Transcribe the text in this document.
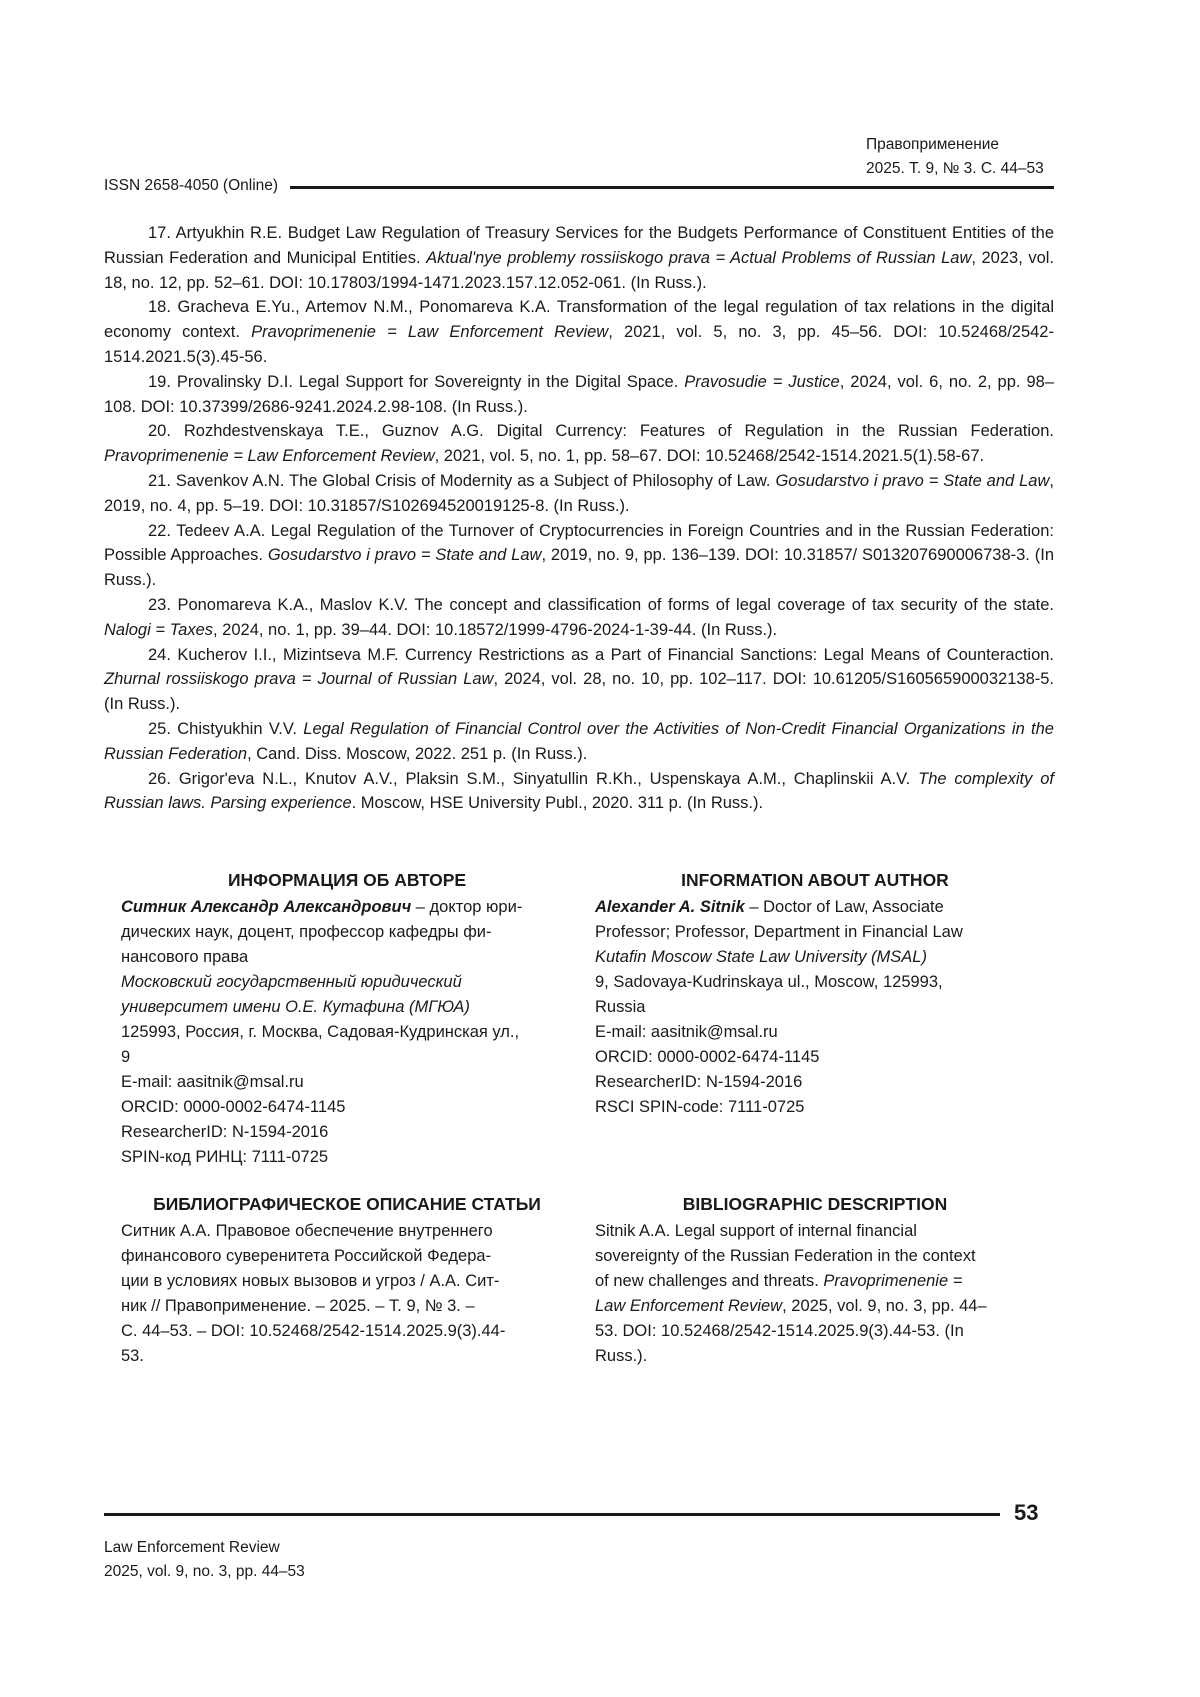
Правоприменение
2025. Т. 9, № 3. С. 44–53
ISSN 2658-4050 (Online)

17. Artyukhin R.E. Budget Law Regulation of Treasury Services for the Budgets Performance of Constituent Entities of the Russian Federation and Municipal Entities. Aktual'nye problemy rossiiskogo prava = Actual Problems of Russian Law, 2023, vol. 18, no. 12, pp. 52–61. DOI: 10.17803/1994-1471.2023.157.12.052-061. (In Russ.).

18. Gracheva E.Yu., Artemov N.M., Ponomareva K.A. Transformation of the legal regulation of tax relations in the digital economy context. Pravoprimenenie = Law Enforcement Review, 2021, vol. 5, no. 3, pp. 45–56. DOI: 10.52468/2542-1514.2021.5(3).45-56.

19. Provalinsky D.I. Legal Support for Sovereignty in the Digital Space. Pravosudie = Justice, 2024, vol. 6, no. 2, pp. 98–108. DOI: 10.37399/2686-9241.2024.2.98-108. (In Russ.).

20. Rozhdestvenskaya T.E., Guznov A.G. Digital Currency: Features of Regulation in the Russian Federation. Pravoprimenenie = Law Enforcement Review, 2021, vol. 5, no. 1, pp. 58–67. DOI: 10.52468/2542-1514.2021.5(1).58-67.

21. Savenkov A.N. The Global Crisis of Modernity as a Subject of Philosophy of Law. Gosudarstvo i pravo = State and Law, 2019, no. 4, pp. 5–19. DOI: 10.31857/S102694520019125-8. (In Russ.).

22. Tedeev A.A. Legal Regulation of the Turnover of Cryptocurrencies in Foreign Countries and in the Russian Federation: Possible Approaches. Gosudarstvo i pravo = State and Law, 2019, no. 9, pp. 136–139. DOI: 10.31857/ S013207690006738-3. (In Russ.).

23. Ponomareva K.A., Maslov K.V. The concept and classification of forms of legal coverage of tax security of the state. Nalogi = Taxes, 2024, no. 1, pp. 39–44. DOI: 10.18572/1999-4796-2024-1-39-44. (In Russ.).

24. Kucherov I.I., Mizintseva M.F. Currency Restrictions as a Part of Financial Sanctions: Legal Means of Counteraction. Zhurnal rossiiskogo prava = Journal of Russian Law, 2024, vol. 28, no. 10, pp. 102–117. DOI: 10.61205/S160565900032138-5. (In Russ.).

25. Chistyukhin V.V. Legal Regulation of Financial Control over the Activities of Non-Credit Financial Organizations in the Russian Federation, Cand. Diss. Moscow, 2022. 251 p. (In Russ.).

26. Grigor'eva N.L., Knutov A.V., Plaksin S.M., Sinyatullin R.Kh., Uspenskaya A.M., Chaplinskii A.V. The complexity of Russian laws. Parsing experience. Moscow, HSE University Publ., 2020. 311 p. (In Russ.).

ИНФОРМАЦИЯ ОБ АВТОРЕ
Ситник Александр Александрович – доктор юри-
дических наук, доцент, профессор кафедры фи-
нансового права
Московский государственный юридический
университет имени О.Е. Кутафина (МГЮА)
125993, Россия, г. Москва, Садовая-Кудринская ул.,
9
E-mail: aasitnik@msal.ru
ORCID: 0000-0002-6474-1145
ResearcherID: N-1594-2016
SPIN-код РИНЦ: 7111-0725
INFORMATION ABOUT AUTHOR
Alexander A. Sitnik – Doctor of Law, Associate
Professor; Professor, Department in Financial Law
Kutafin Moscow State Law University (MSAL)
9, Sadovaya-Kudrinskaya ul., Moscow, 125993,
Russia
E-mail: aasitnik@msal.ru
ORCID: 0000-0002-6474-1145
ResearcherID: N-1594-2016
RSCI SPIN-code: 7111-0725
БИБЛИОГРАФИЧЕСКОЕ ОПИСАНИЕ СТАТЬИ
Ситник А.А. Правовое обеспечение внутреннего
финансового суверенитета Российской Федера-
ции в условиях новых вызовов и угроз / А.А. Сит-
ник // Правоприменение. – 2025. – Т. 9, № 3. –
С. 44–53. – DOI: 10.52468/2542-1514.2025.9(3).44-
53.
BIBLIOGRAPHIC DESCRIPTION
Sitnik A.A. Legal support of internal financial
sovereignty of the Russian Federation in the context
of new challenges and threats. Pravoprimenenie =
Law Enforcement Review, 2025, vol. 9, no. 3, pp. 44–
53. DOI: 10.52468/2542-1514.2025.9(3).44-53. (In
Russ.).
53
Law Enforcement Review
2025, vol. 9, no. 3, pp. 44–53
